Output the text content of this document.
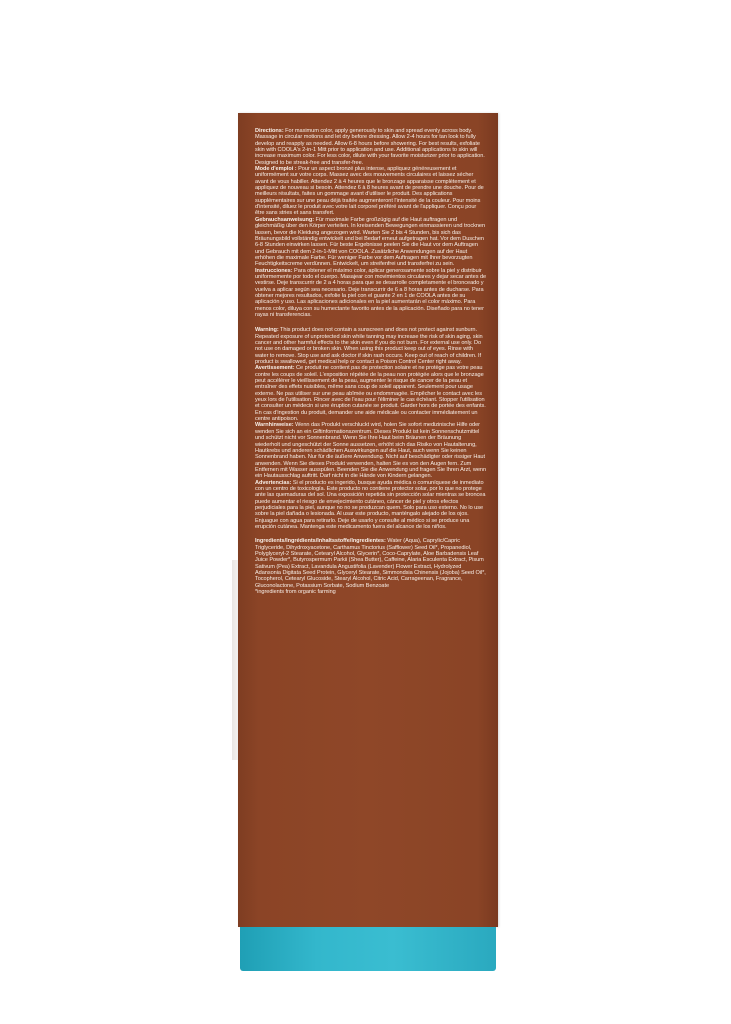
Directions: For maximum color, apply generously to skin and spread evenly across body. Massage in circular motions and let dry before dressing. Allow 2-4 hours for tan look to fully develop and reapply as needed. Allow 6-8 hours before showering. For best results, exfoliate skin with COOLA's 2-in-1 Mitt prior to application and use. Additional applications to skin will increase maximum color. For less color, dilute with your favorite moisturizer prior to application. Designed to be streak-free and transfer-free.

Mode d'emploi : Pour un aspect bronzé plus intense, appliquez généreusement et uniformément sur votre corps. Massez avec des mouvements circulaires et laissez sécher avant de vous habiller. Attendez 2 à 4 heures que le bronzage apparaisse complètement et appliquez de nouveau si besoin. Attendez 6 à 8 heures avant de prendre une douche. Pour de meilleurs résultats, faites un gommage avant d'utiliser le produit. Des applications supplémentaires sur une peau déjà traitée augmenteront l'intensité de la couleur. Pour moins d'intensité, diluez le produit avec votre lait corporel préféré avant de l'appliquer. Conçu pour être sans stries et sans transfert.

Gebrauchsanweisung: Für maximale Farbe großzügig auf die Haut auftragen und gleichmäßig über den Körper verteilen. In kreisenden Bewegungen einmassieren und trocknen lassen, bevor die Kleidung angezogen wird. Warten Sie 2 bis 4 Stunden, bis sich das Bräunungsbild vollständig entwickelt und bei Bedarf erneut aufgetragen hat. Vor dem Duschen 6-8 Stunden einwirken lassen. Für beste Ergebnisse peelen Sie die Haut vor dem Auftragen und Gebrauch mit dem 2-in-1-Mitt von COOLA. Zusätzliche Anwendungen auf der Haut erhöhen die maximale Farbe. Für weniger Farbe vor dem Auftragen mit Ihrer bevorzugten Feuchtigkeitscreme verdünnen. Entwickelt, um streifenfrei und transferfrei zu sein.

Instrucciones: Para obtener el máximo color, aplicar generosamente sobre la piel y distribuir uniformemente por todo el cuerpo. Masajear con movimientos circulares y dejar secar antes de vestirse. Deje transcurrir de 2 a 4 horas para que se desarrolle completamente el bronceado y vuelva a aplicar según sea necesario. Deje transcurrir de 6 a 8 horas antes de ducharse. Para obtener mejores resultados, exfolie la piel con el guante 2 en 1 de COOLA antes de su aplicación y uso. Las aplicaciones adicionales en la piel aumentarán el color máximo. Para menos color, diluya con su humectante favorito antes de la aplicación. Diseñado para no tener rayas ni transferencias.

Warning: This product does not contain a sunscreen and does not protect against sunburn. Repeated exposure of unprotected skin while tanning may increase the risk of skin aging, skin cancer and other harmful effects to the skin even if you do not burn. For external use only. Do not use on damaged or broken skin. When using this product keep out of eyes. Rinse with water to remove. Stop use and ask doctor if skin rash occurs. Keep out of reach of children. If product is swallowed, get medical help or contact a Poison Control Center right away.

Avertissement: Ce produit ne contient pas de protection solaire et ne protège pas votre peau contre les coups de soleil. L'exposition répétée de la peau non protégée alors que le bronzage peut accélérer le vieillissement de la peau, augmenter le risque de cancer de la peau et entraîner des effets nuisibles, même sans coup de soleil apparent. Seulement pour usage externe. Ne pas utiliser sur une peau abîmée ou endommagée. Empêcher le contact avec les yeux lors de l'utilisation. Rincer avec de l'eau pour l'éliminer le cas échéant. Stopper l'utilisation et consulter un médecin si une éruption cutanée se produit. Garder hors de portée des enfants. En cas d'ingestion du produit, demander une aide médicale ou contacter immédiatement un centre antipoison.

Warnhinweise: Wenn das Produkt verschluckt wird, holen Sie sofort medizinische Hilfe oder wenden Sie sich an ein Giftinformationszentrum. Dieses Produkt ist kein Sonnenschutzmittel und schützt nicht vor Sonnenbrand. Wenn Sie Ihre Haut beim Bräunen der Bräunung wiederholt und ungeschützt der Sonne aussetzen, erhöht sich das Risiko von Hautalterung, Hautkrebs und anderen schädlichen Auswirkungen auf die Haut, auch wenn Sie keinen Sonnenbrand haben. Nur für die äußere Anwendung. Nicht auf beschädigter oder rissiger Haut anwenden. Wenn Sie dieses Produkt verwenden, halten Sie es von den Augen fern. Zum Entfernen mit Wasser ausspülen. Beenden Sie die Anwendung und fragen Sie Ihren Arzt, wenn ein Hautausschlag auftritt. Darf nicht in die Hände von Kindern gelangen.

Advertencias: Si el producto es ingerido, busque ayuda médica o comuníquese de inmediato con un centro de toxicología. Este producto no contiene protector solar, por lo que no protege ante las quemaduras del sol. Una exposición repetida sin protección solar mientras se broncea puede aumentar el riesgo de envejecimiento cutáneo, cáncer de piel y otros efectos perjudiciales para la piel, aunque no no se produzcan quem. Solo para uso externo. No lo use sobre la piel dañada o lesionada. Al usar este producto, manténgalo alejado de los ojos. Enjuague con agua para retirarlo. Deje de usarlo y consulte al médico si se produce una erupción cutánea. Mantenga este medicamento fuera del alcance de los niños.

Ingredients/Ingrédients/Inhaltsstoffe/Ingredientes: Water (Aqua), Caprylic/Capric Triglyceride, Dihydroxyacetone, Carthamus Tinctorius (Safflower) Seed Oil*, Propanediol, Polyglyceryl-2 Stearate, Cetearyl Alcohol, Glycerin*, Coco-Caprylate, Aloe Barbadensis Leaf Juice Powder*, Butyrospermum Parkii (Shea Butter), Caffeine, Alaria Esculenta Extract, Pisum Sativum (Pea) Extract, Lavandula Angustifolia (Lavender) Flower Extract, Hydrolyzed Adansonia Digitata Seed Protein, Glyceryl Stearate, Simmondsia Chinensis (Jojoba) Seed Oil*, Tocopherol, Cetearyl Glucoside, Stearyl Alcohol, Citric Acid, Carrageenan, Fragrance, Gluconolactone, Potassium Sorbate, Sodium Benzoate

*ingredients from organic farming
